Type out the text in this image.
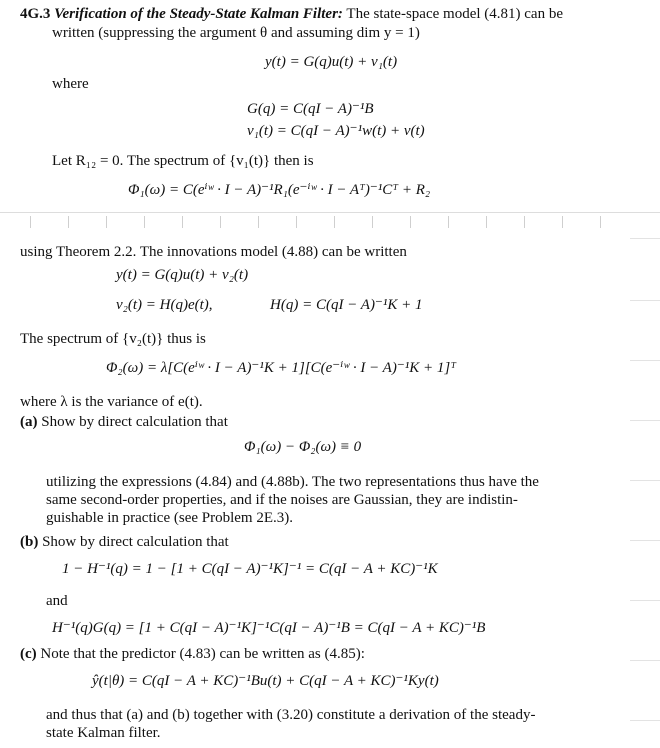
4G.3 Verification of the Steady-State Kalman Filter: The state-space model (4.81) can be
written (suppressing the argument θ and assuming dim y = 1)
y(t) = G(q)u(t) + v₁(t)
where
G(q) = C(qI − A)⁻¹B
v₁(t) = C(qI − A)⁻¹w(t) + v(t)
Let R₁₂ = 0. The spectrum of {v₁(t)} then is
Φ₁(ω) = C(eⁱʷ · I − A)⁻¹R₁(e⁻ⁱʷ · I − Aᵀ)⁻¹Cᵀ + R₂
using Theorem 2.2. The innovations model (4.88) can be written
y(t) = G(q)u(t) + v₂(t)
v₂(t) = H(q)e(t),	H(q) = C(qI − A)⁻¹K + 1
The spectrum of {v₂(t)} thus is
Φ₂(ω) = λ[C(eⁱʷ · I − A)⁻¹K + 1][C(e⁻ⁱʷ · I − A)⁻¹K + 1]ᵀ
where λ is the variance of e(t).
(a) Show by direct calculation that
Φ₁(ω) − Φ₂(ω) ≡ 0
utilizing the expressions (4.84) and (4.88b). The two representations thus have the
same second-order properties, and if the noises are Gaussian, they are indistin-
guishable in practice (see Problem 2E.3).
(b) Show by direct calculation that
1 − H⁻¹(q) = 1 − [1 + C(qI − A)⁻¹K]⁻¹ = C(qI − A + KC)⁻¹K
and
H⁻¹(q)G(q) = [1 + C(qI − A)⁻¹K]⁻¹C(qI − A)⁻¹B = C(qI − A + KC)⁻¹B
(c) Note that the predictor (4.83) can be written as (4.85):
ŷ(t|θ) = C(qI − A + KC)⁻¹Bu(t) + C(qI − A + KC)⁻¹Ky(t)
and thus that (a) and (b) together with (3.20) constitute a derivation of the steady-
state Kalman filter.
